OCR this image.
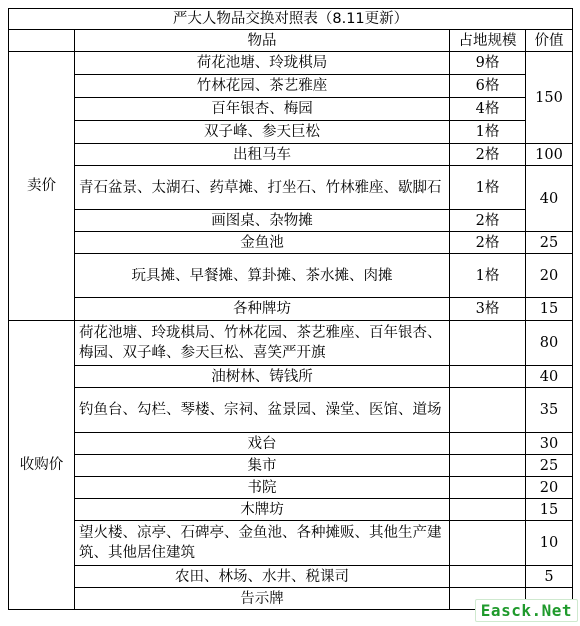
严大人物品交换对照表（8.11更新）			
	物品	占地规模	价值
卖价	荷花池塘、玲珑棋局	9格	150
	竹林花园、茶艺雅座	6格	
	百年银杏、梅园	4格	
	双子峰、参天巨松	1格	
	出租马车	2格	100
	青石盆景、太湖石、药草摊、打坐石、竹林雅座、歇脚石	1格	40
	画图桌、杂物摊	2格	
	金鱼池	2格	25
	玩具摊、早餐摊、算卦摊、茶水摊、肉摊	1格	20
	各种牌坊	3格	15
收购价	荷花池塘、玲珑棋局、竹林花园、茶艺雅座、百年银杏、梅园、双子峰、参天巨松、喜笑严开旗		80
	油树林、铸钱所		40
	钓鱼台、勾栏、琴楼、宗祠、盆景园、澡堂、医馆、道场		35
	戏台		30
	集市		25
	书院		20
	木牌坊		15
	望火楼、凉亭、石碑亭、金鱼池、各种摊贩、其他生产建筑、其他居住建筑		10
	农田、林场、水井、税课司		5
	告示牌		
Easck.Net
